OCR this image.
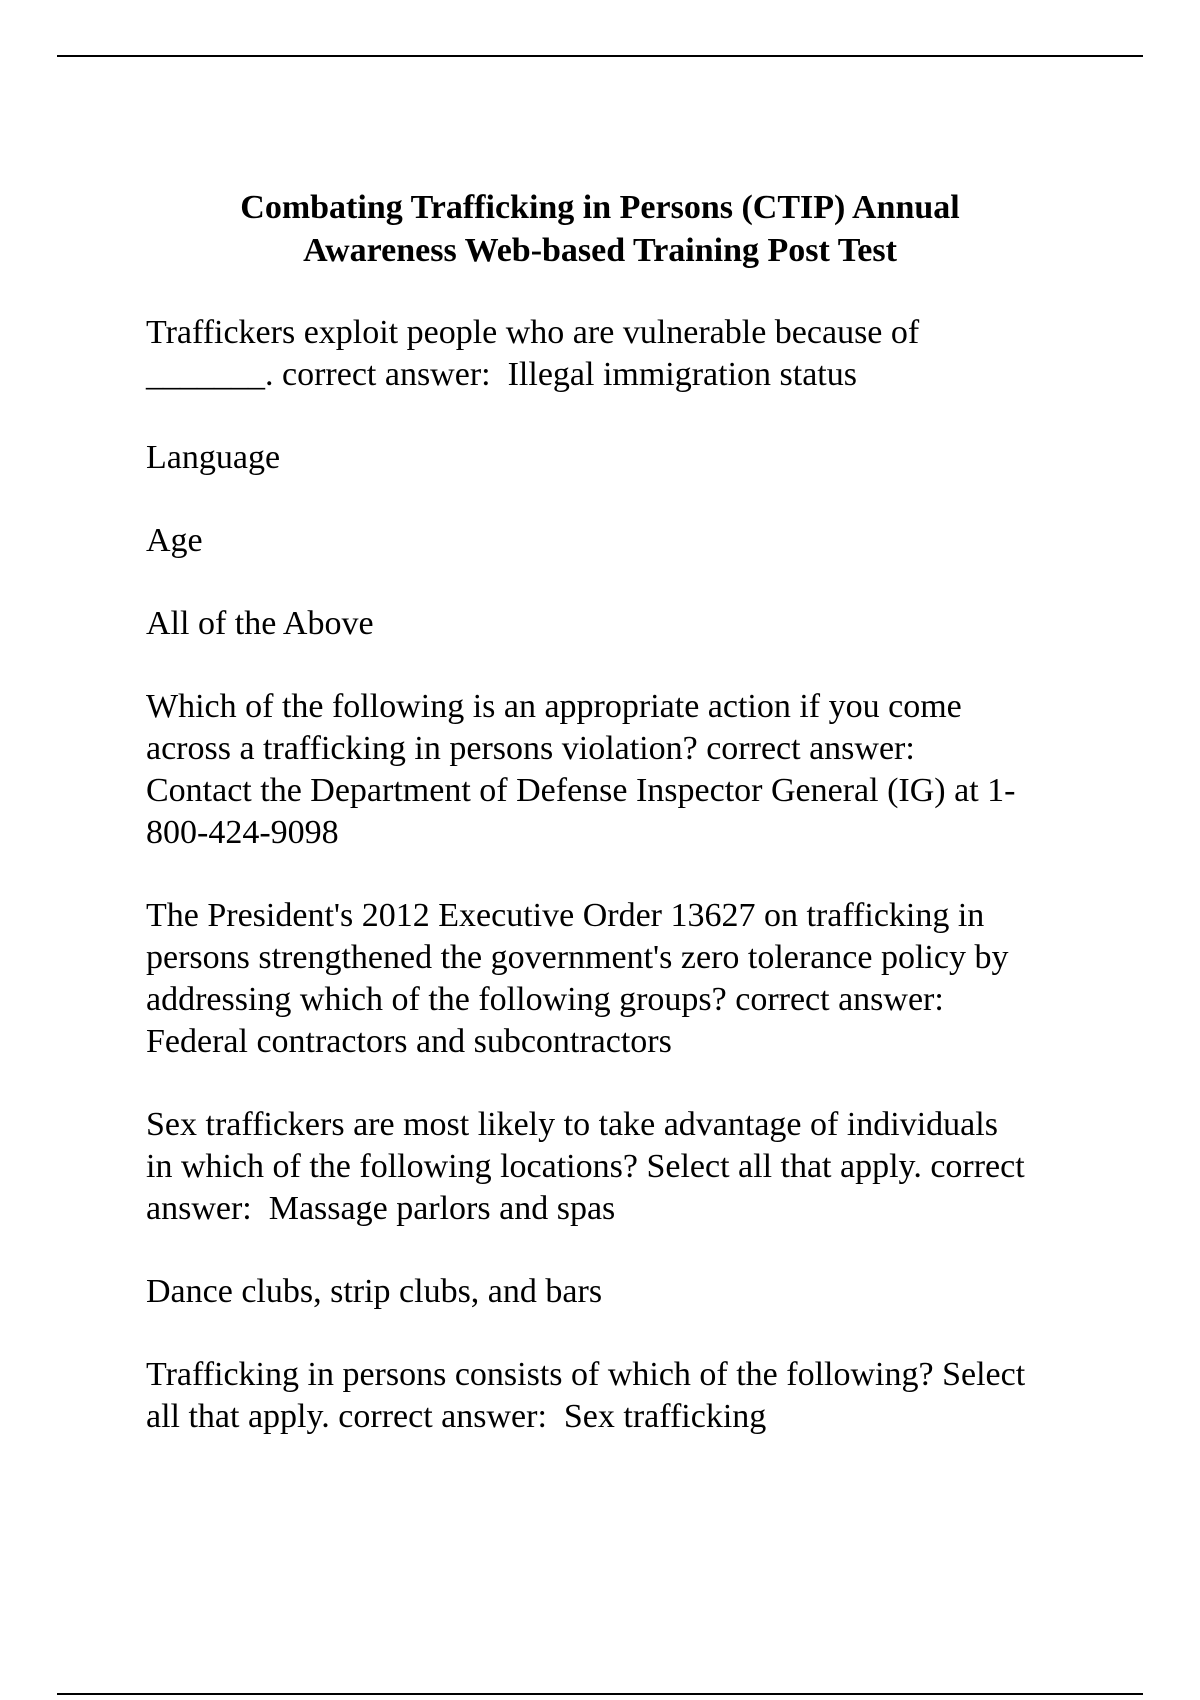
Combating Trafficking in Persons (CTIP) Annual
Awareness Web-based Training Post Test

Traffickers exploit people who are vulnerable because of
_______. correct answer:  Illegal immigration status

Language

Age

All of the Above

Which of the following is an appropriate action if you come
across a trafficking in persons violation? correct answer:
Contact the Department of Defense Inspector General (IG) at 1-
800-424-9098

The President's 2012 Executive Order 13627 on trafficking in
persons strengthened the government's zero tolerance policy by
addressing which of the following groups? correct answer:
Federal contractors and subcontractors

Sex traffickers are most likely to take advantage of individuals
in which of the following locations? Select all that apply. correct
answer:  Massage parlors and spas

Dance clubs, strip clubs, and bars

Trafficking in persons consists of which of the following? Select
all that apply. correct answer:  Sex trafficking
